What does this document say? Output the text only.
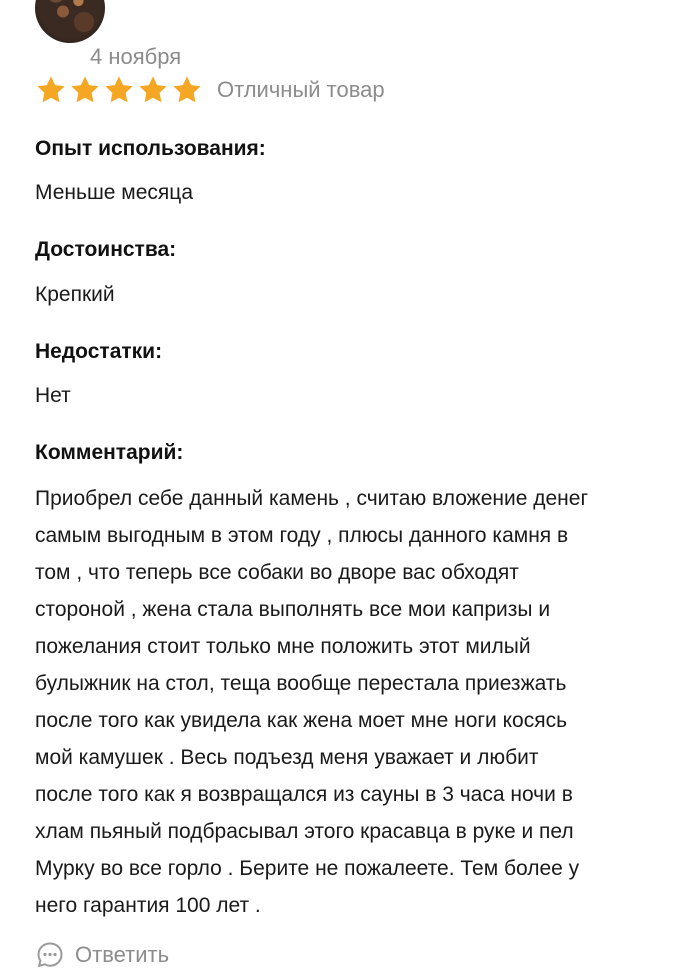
4 ноября
Отличный товар
Опыт использования:
Меньше месяца
Достоинства:
Крепкий
Недостатки:
Нет
Комментарий:
Приобрел себе данный камень , считаю вложение денег
самым выгодным в этом году , плюсы данного камня в
том , что теперь все собаки во дворе вас обходят
стороной , жена стала выполнять все мои капризы и
пожелания стоит только мне положить этот милый
булыжник на стол, теща вообще перестала приезжать
после того как увидела как жена моет мне ноги косясь
мой камушек . Весь подъезд меня уважает и любит
после того как я возвращался из сауны в 3 часа ночи в
хлам пьяный подбрасывал этого красавца в руке и пел
Мурку во все горло . Берите не пожалеете. Тем более у
него гарантия 100 лет .
Ответить
